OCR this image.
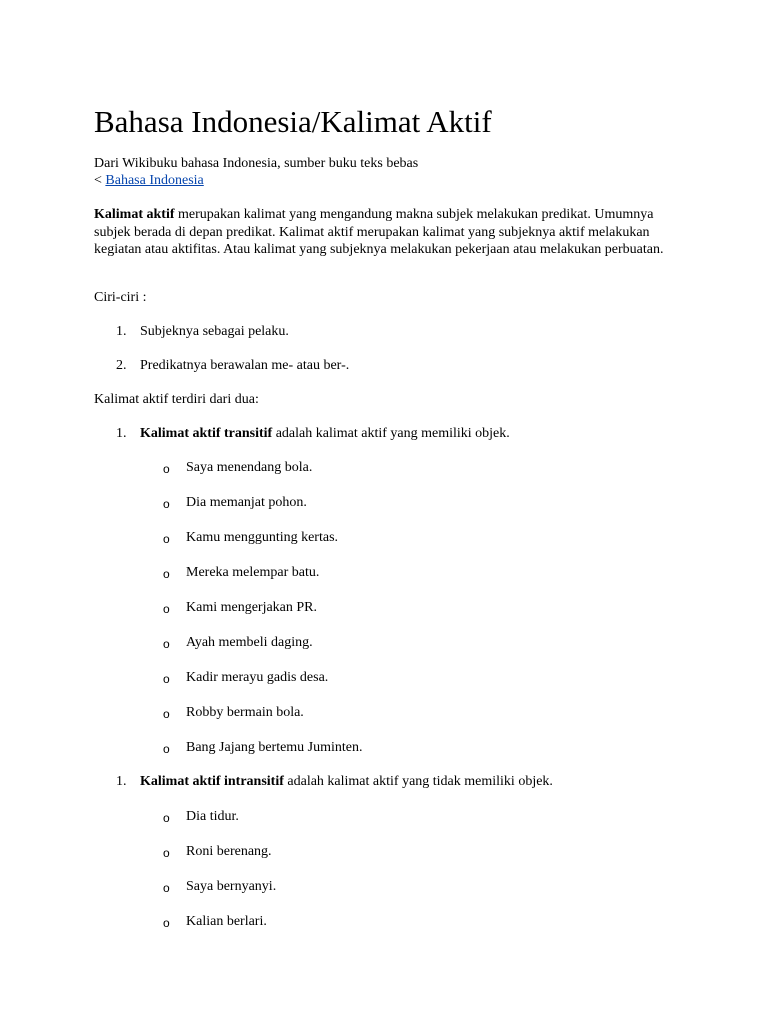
Bahasa Indonesia/Kalimat Aktif
Dari Wikibuku bahasa Indonesia, sumber buku teks bebas
< Bahasa Indonesia
Kalimat aktif merupakan kalimat yang mengandung makna subjek melakukan predikat. Umumnya subjek berada di depan predikat. Kalimat aktif merupakan kalimat yang subjeknya aktif melakukan kegiatan atau aktifitas. Atau kalimat yang subjeknya melakukan pekerjaan atau melakukan perbuatan.
Ciri-ciri :
1. Subjeknya sebagai pelaku.
2. Predikatnya berawalan me- atau ber-.
Kalimat aktif terdiri dari dua:
1. Kalimat aktif transitif adalah kalimat aktif yang memiliki objek.
o Saya menendang bola.
o Dia memanjat pohon.
o Kamu menggunting kertas.
o Mereka melempar batu.
o Kami mengerjakan PR.
o Ayah membeli daging.
o Kadir merayu gadis desa.
o Robby bermain bola.
o Bang Jajang bertemu Juminten.
1. Kalimat aktif intransitif adalah kalimat aktif yang tidak memiliki objek.
o Dia tidur.
o Roni berenang.
o Saya bernyanyi.
o Kalian berlari.
